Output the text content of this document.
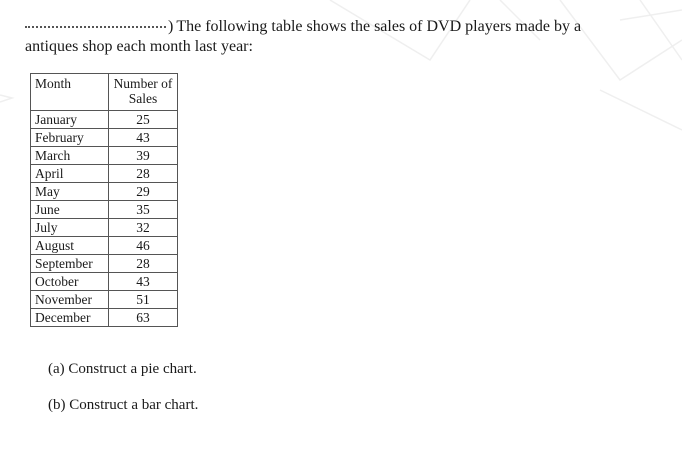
) The following table shows the sales of DVD players made by a
antiques shop each month last year:
Month	Number of Sales
January	25
February	43
March	39
April	28
May	29
June	35
July	32
August	46
September	28
October	43
November	51
December	63

(a) Construct a pie chart.

(b) Construct a bar chart.
